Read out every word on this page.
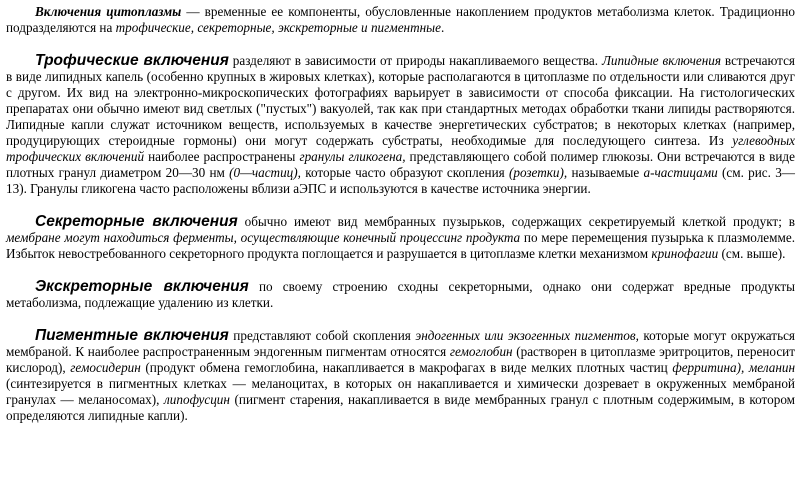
Включения цитоплазмы — временные ее компоненты, обусловленные накоплением продуктов метаболизма клеток. Традиционно подразделяются на трофические, секреторные, экскреторные и пигментные.

Трофические включения разделяют в зависимости от природы накапливаемого вещества. Липидные включения встречаются в виде липидных капель (особенно крупных в жировых клетках), которые располагаются в цитоплазме по отдельности или сливаются друг с другом. Их вид на электронно-микроскопических фотографиях варьирует в зависимости от способа фиксации. На гистологических препаратах они обычно имеют вид светлых ("пустых") вакуолей, так как при стандартных методах обработки ткани липиды растворяются. Липидные капли служат источником веществ, используемых в качестве энергетических субстратов; в некоторых клетках (например, продуцирующих стероидные гормоны) они могут содержать субстраты, необходимые для последующего синтеза. Из углеводных трофических включений наиболее распространены гранулы гликогена, представляющего собой полимер глюкозы. Они встречаются в виде плотных гранул диаметром 20—30 нм (0—частиц), которые часто образуют скопления (розетки), называемые а-частицами (см. рис. 3—13). Гранулы гликогена часто расположены вблизи аЭПС и используются в качестве источника энергии.

Секреторные включения обычно имеют вид мембранных пузырьков, содержащих секретируемый клеткой продукт; в мембране могут находиться ферменты, осуществляющие конечный процессинг продукта по мере перемещения пузырька к плазмолемме. Избыток невостребованного секреторного продукта поглощается и разрушается в цитоплазме клетки механизмом кринофагии (см. выше).

Экскреторные включения по своему строению сходны секреторными, однако они содержат вредные продукты метаболизма, подлежащие удалению из клетки.

Пигментные включения представляют собой скопления эндогенных или экзогенных пигментов, которые могут окружаться мембраной. К наиболее распространенным эндогенным пигментам относятся гемоглобин (растворен в цитоплазме эритроцитов, переносит кислород), гемосидерин (продукт обмена гемоглобина, накапливается в макрофагах в виде мелких плотных частиц ферритина), меланин (синтезируется в пигментных клетках — меланоцитах, в которых он накапливается и химически дозревает в окруженных мембраной гранулах — меланосомах), липофусцин (пигмент старения, накапливается в виде мембранных гранул с плотным содержимым, в котором определяются липидные капли).
